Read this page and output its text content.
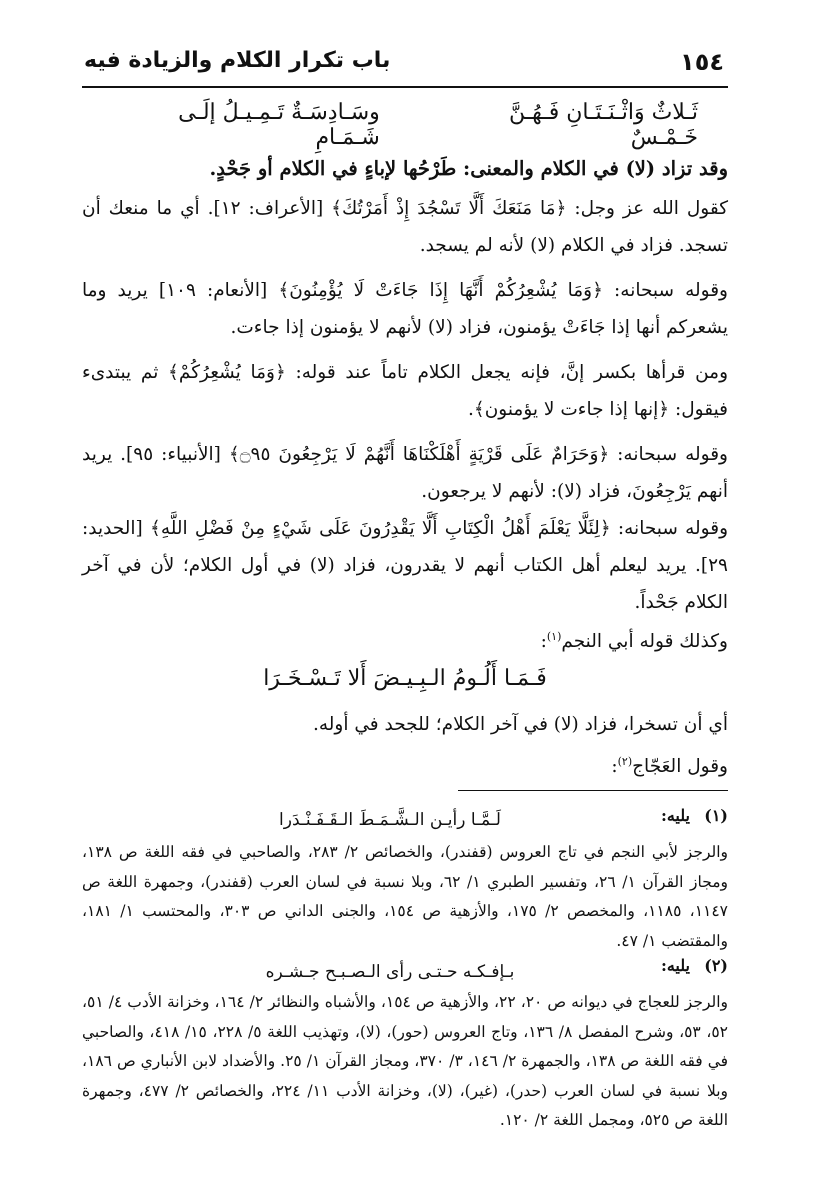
١٥٤
باب تكرار الكلام والزيادة فيه
ثَـلاثٌ وَاثْـنَـتَـانِ فَـهُـنَّ خَـمْـسٌ
وسَـادِسَـةٌ تَـمِـيـلُ إلَـى شَـمَـامِ

وقد تزاد (لا) في الكلام والمعنى: طَرْحُها لإباءٍ في الكلام أو جَحْدٍ.

كقول الله عز وجل: ﴿مَا مَنَعَكَ أَلَّا تَسْجُدَ إِذْ أَمَرْتُكَ﴾ [الأعراف: ١٢]. أي ما منعك أن تسجد. فزاد في الكلام (لا) لأنه لم يسجد.

وقوله سبحانه: ﴿وَمَا يُشْعِرُكُمْ أَنَّهَا إِذَا جَاءَتْ لَا يُؤْمِنُونَ﴾ [الأنعام: ١٠٩] يريد وما يشعركم أنها إذا جَاءَتْ يؤمنون، فزاد (لا) لأنهم لا يؤمنون إذا جاءت.

ومن قرأها بكسر إنَّ، فإنه يجعل الكلام تاماً عند قوله: ﴿وَمَا يُشْعِرُكُمْ﴾ ثم يبتدىء فيقول: ﴿إنها إذا جاءت لا يؤمنون﴾.

وقوله سبحانه: ﴿وَحَرَامٌ عَلَى قَرْيَةٍ أَهْلَكْنَاهَا أَنَّهُمْ لَا يَرْجِعُونَ ۝٩٥﴾ [الأنبياء: ٩٥]. يريد أنهم يَرْجِعُونَ، فزاد (لا): لأنهم لا يرجعون.

وقوله سبحانه: ﴿لِئَلَّا يَعْلَمَ أَهْلُ الْكِتَابِ أَلَّا يَقْدِرُونَ عَلَى شَيْءٍ مِنْ فَضْلِ اللَّهِ﴾ [الحديد: ٢٩]. يريد ليعلم أهل الكتاب أنهم لا يقدرون، فزاد (لا) في أول الكلام؛ لأن في آخر الكلام جَحْداً.

وكذلك قوله أبي النجم$^{(١)}$:

فَـمَـا أَلُـومُ الـبِـيـضَ أَلا تَـسْـخَـرَا

أي أن تسخرا، فزاد (لا) في آخر الكلام؛ للجحد في أوله.

وقول العَجّاج$^{(٢)}$:

(١)
يليه:
لَـمَّـا رأيـن الـشَّـمَـطَ الـقَـفَـنْـدَرا

والرجز لأبي النجم في تاج العروس (قفندر)، والخصائص ٢/ ٢٨٣، والصاحبي في فقه اللغة ص ١٣٨، ومجاز القرآن ١/ ٢٦، وتفسير الطبري ١/ ٦٢، وبلا نسبة في لسان العرب (قفندر)، وجمهرة اللغة ص ١١٤٧، ١١٨٥، والمخصص ٢/ ١٧٥، والأزهية ص ١٥٤، والجنى الداني ص ٣٠٣، والمحتسب ١/ ١٨١، والمقتضب ١/ ٤٧.

(٢)
يليه:
بـإفـكـه حـتـى رأى الـصـبـح جـشـره

والرجز للعجاج في ديوانه ص ٢٠، ٢٢، والأزهية ص ١٥٤، والأشباه والنظائر ٢/ ١٦٤، وخزانة الأدب ٤/ ٥١، ٥٢، ٥٣، وشرح المفصل ٨/ ١٣٦، وتاج العروس (حور)، (لا)، وتهذيب اللغة ٥/ ٢٢٨، ١٥/ ٤١٨، والصاحبي في فقه اللغة ص ١٣٨، والجمهرة ٢/ ١٤٦، ٣/ ٣٧٠، ومجاز القرآن ١/ ٢٥. والأضداد لابن الأنباري ص ١٨٦، وبلا نسبة في لسان العرب (حدر)، (غير)، (لا)، وخزانة الأدب ١١/ ٢٢٤، والخصائص ٢/ ٤٧٧، وجمهرة اللغة ص ٥٢٥، ومجمل اللغة ٢/ ١٢٠.
